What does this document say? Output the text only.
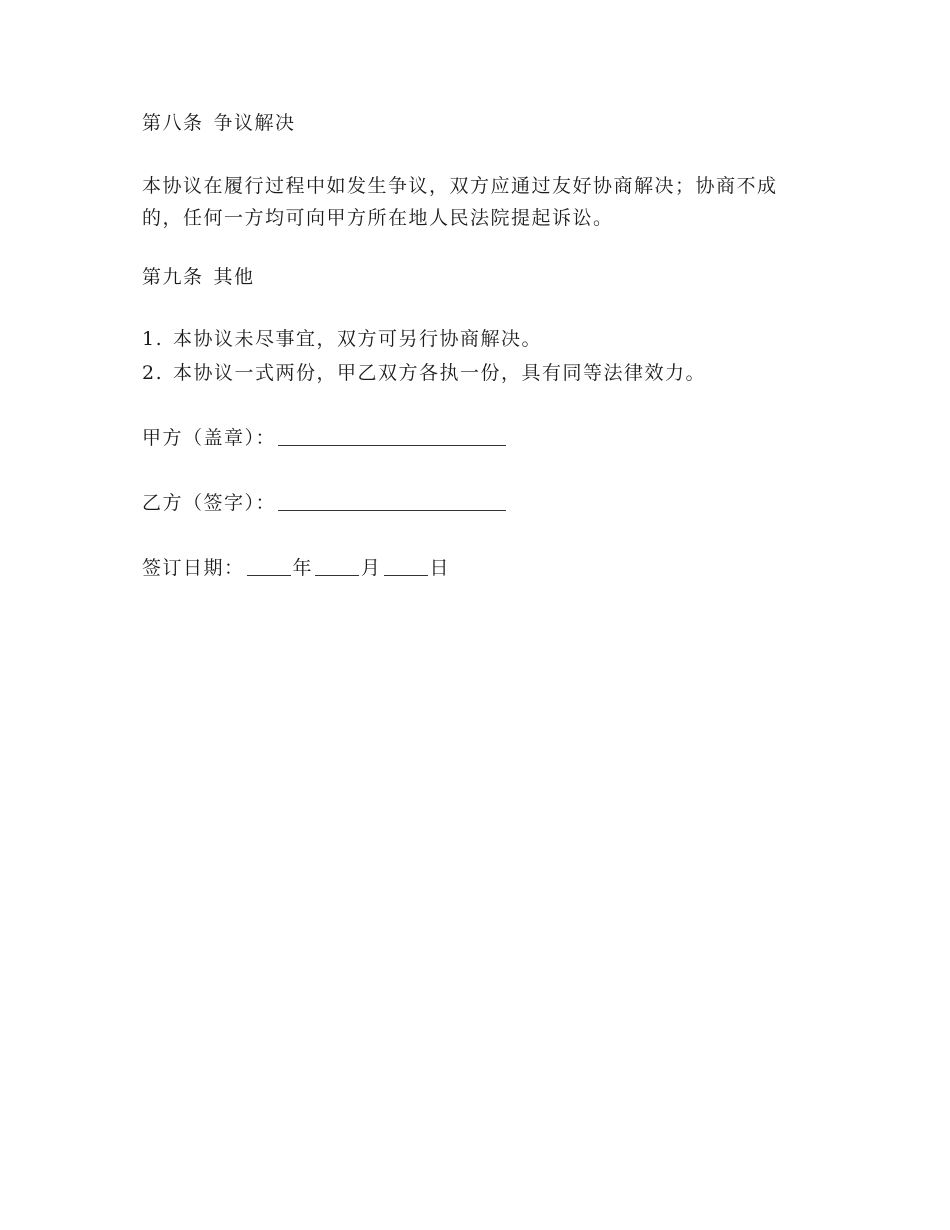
第八条 争议解决

本协议在履行过程中如发生争议，双方应通过友好协商解决；协商不成的，任何一方均可向甲方所在地人民法院提起诉讼。

第九条 其他
1. 本协议未尽事宜，双方可另行协商解决。
2. 本协议一式两份，甲乙双方各执一份，具有同等法律效力。
甲方（盖章）：
乙方（签字）：
签订日期：	年	月	日
